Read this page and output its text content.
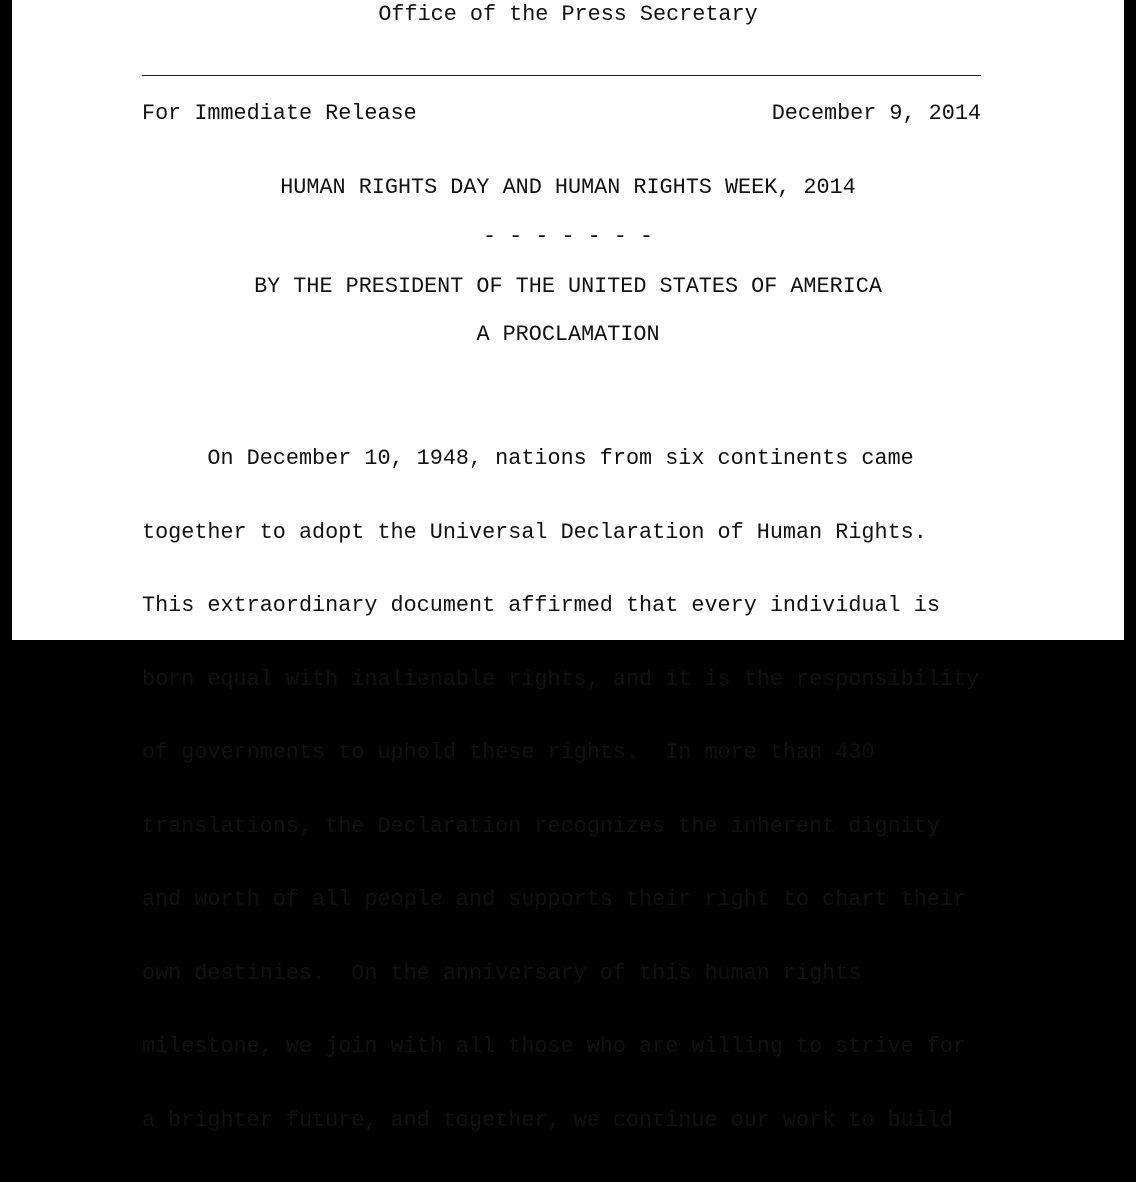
Office of the Press Secretary
For Immediate Release	December 9, 2014
HUMAN RIGHTS DAY AND HUMAN RIGHTS WEEK, 2014
- - - - - - -
BY THE PRESIDENT OF THE UNITED STATES OF AMERICA
A PROCLAMATION

On December 10, 1948, nations from six continents came

together to adopt the Universal Declaration of Human Rights.

This extraordinary document affirmed that every individual is

born equal with inalienable rights, and it is the responsibility

of governments to uphold these rights.  In more than 430

translations, the Declaration recognizes the inherent dignity

and worth of all people and supports their right to chart their

own destinies.  On the anniversary of this human rights

milestone, we join with all those who are willing to strive for

a brighter future, and together, we continue our work to build
